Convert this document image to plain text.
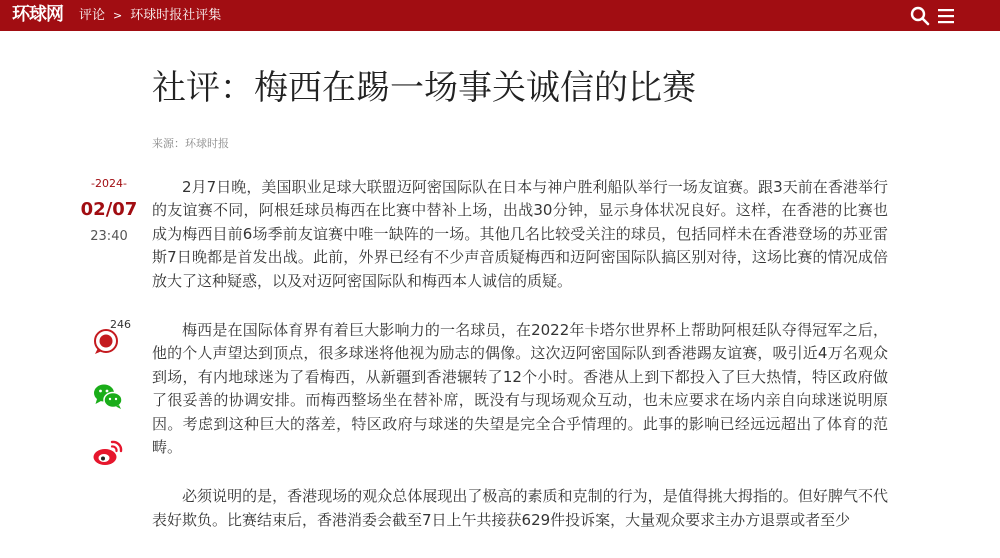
环球网 评论 > 环球时报社评集
社评：梅西在踢一场事关诚信的比赛
来源：环球时报
-2024-
02/07
23:40
246

2月7日晚，美国职业足球大联盟迈阿密国际队在日本与神户胜利船队举行一场友谊赛。跟3天前在香港举行的友谊赛不同，阿根廷球员梅西在比赛中替补上场，出战30分钟，显示身体状况良好。这样，在香港的比赛也成为梅西目前6场季前友谊赛中唯一缺阵的一场。其他几名比较受关注的球员，包括同样未在香港登场的苏亚雷斯7日晚都是首发出战。此前，外界已经有不少声音质疑梅西和迈阿密国际队搞区别对待，这场比赛的情况成倍放大了这种疑惑，以及对迈阿密国际队和梅西本人诚信的质疑。

梅西是在国际体育界有着巨大影响力的一名球员，在2022年卡塔尔世界杯上帮助阿根廷队夺得冠军之后，他的个人声望达到顶点，很多球迷将他视为励志的偶像。这次迈阿密国际队到香港踢友谊赛，吸引近4万名观众到场，有内地球迷为了看梅西，从新疆到香港辗转了12个小时。香港从上到下都投入了巨大热情，特区政府做了很妥善的协调安排。而梅西整场坐在替补席，既没有与现场观众互动，也未应要求在场内亲自向球迷说明原因。考虑到这种巨大的落差，特区政府与球迷的失望是完全合乎情理的。此事的影响已经远远超出了体育的范畴。

必须说明的是，香港现场的观众总体展现出了极高的素质和克制的行为，是值得挑大拇指的。但好脾气不代表好欺负。比赛结束后，香港消委会截至7日上午共接获629件投诉案，大量观众要求主办方退票或者至少
